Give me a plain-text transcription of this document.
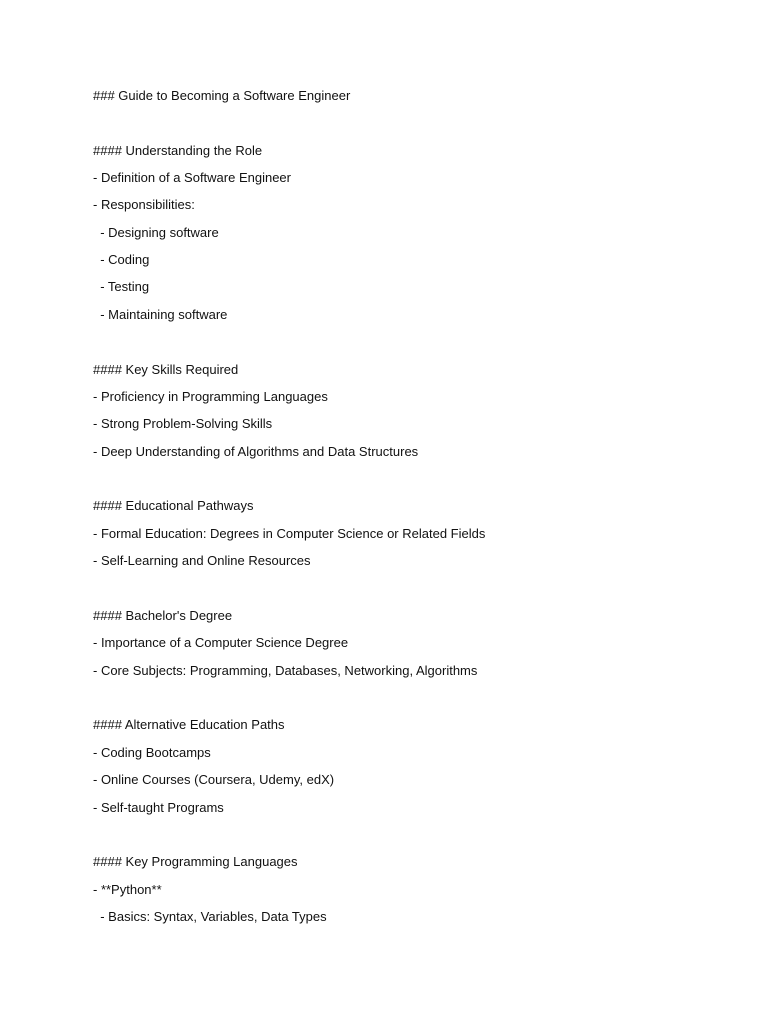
### Guide to Becoming a Software Engineer
#### Understanding the Role
- Definition of a Software Engineer
- Responsibilities:
- Designing software
- Coding
- Testing
- Maintaining software
#### Key Skills Required
- Proficiency in Programming Languages
- Strong Problem-Solving Skills
- Deep Understanding of Algorithms and Data Structures
#### Educational Pathways
- Formal Education: Degrees in Computer Science or Related Fields
- Self-Learning and Online Resources
#### Bachelor's Degree
- Importance of a Computer Science Degree
- Core Subjects: Programming, Databases, Networking, Algorithms
#### Alternative Education Paths
- Coding Bootcamps
- Online Courses (Coursera, Udemy, edX)
- Self-taught Programs
#### Key Programming Languages
- **Python**
- Basics: Syntax, Variables, Data Types
